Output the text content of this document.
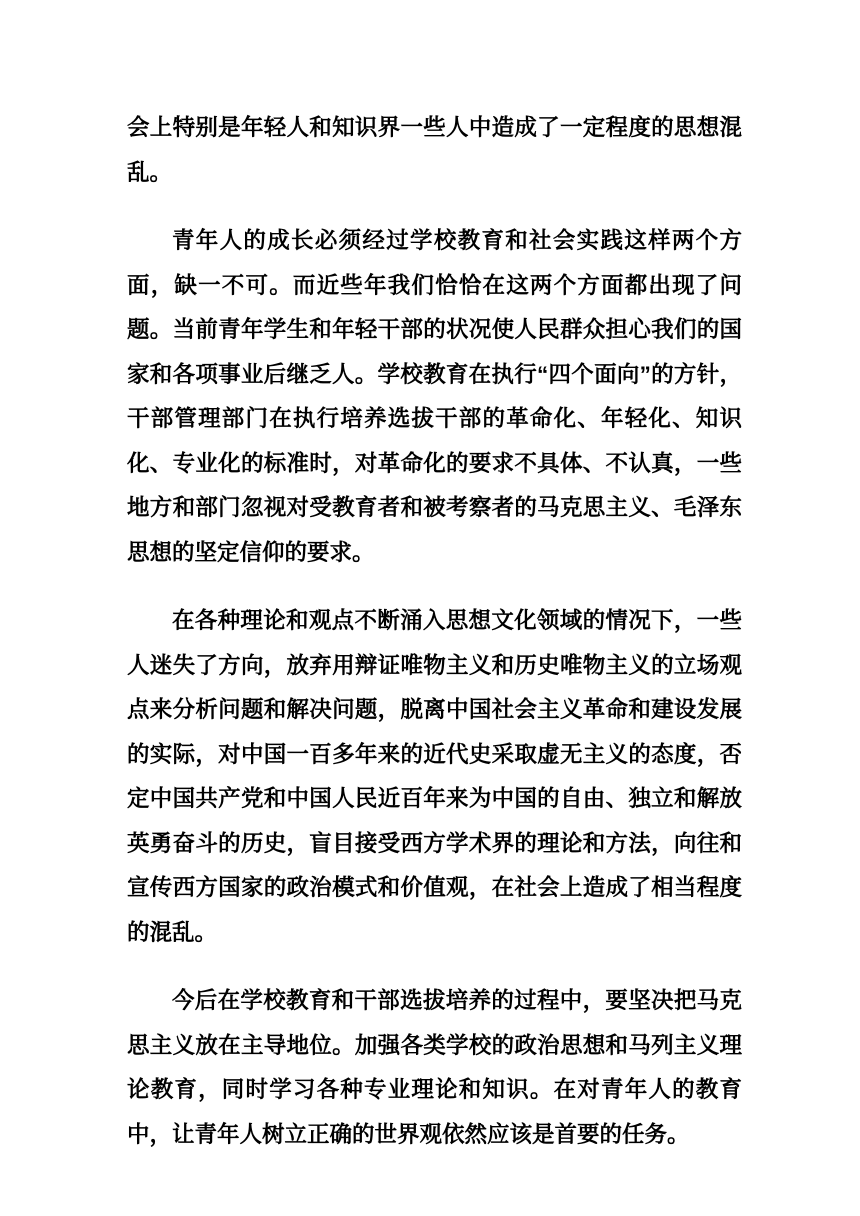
会上特别是年轻人和知识界一些人中造成了一定程度的思想混乱。

青年人的成长必须经过学校教育和社会实践这样两个方面，缺一不可。而近些年我们恰恰在这两个方面都出现了问题。当前青年学生和年轻干部的状况使人民群众担心我们的国家和各项事业后继乏人。学校教育在执行“四个面向”的方针，干部管理部门在执行培养选拔干部的革命化、年轻化、知识化、专业化的标准时，对革命化的要求不具体、不认真，一些地方和部门忽视对受教育者和被考察者的马克思主义、毛泽东思想的坚定信仰的要求。

在各种理论和观点不断涌入思想文化领域的情况下，一些人迷失了方向，放弃用辩证唯物主义和历史唯物主义的立场观点来分析问题和解决问题，脱离中国社会主义革命和建设发展的实际，对中国一百多年来的近代史采取虚无主义的态度，否定中国共产党和中国人民近百年来为中国的自由、独立和解放英勇奋斗的历史，盲目接受西方学术界的理论和方法，向往和宣传西方国家的政治模式和价值观，在社会上造成了相当程度的混乱。

今后在学校教育和干部选拔培养的过程中，要坚决把马克思主义放在主导地位。加强各类学校的政治思想和马列主义理论教育，同时学习各种专业理论和知识。在对青年人的教育中，让青年人树立正确的世界观依然应该是首要的任务。
